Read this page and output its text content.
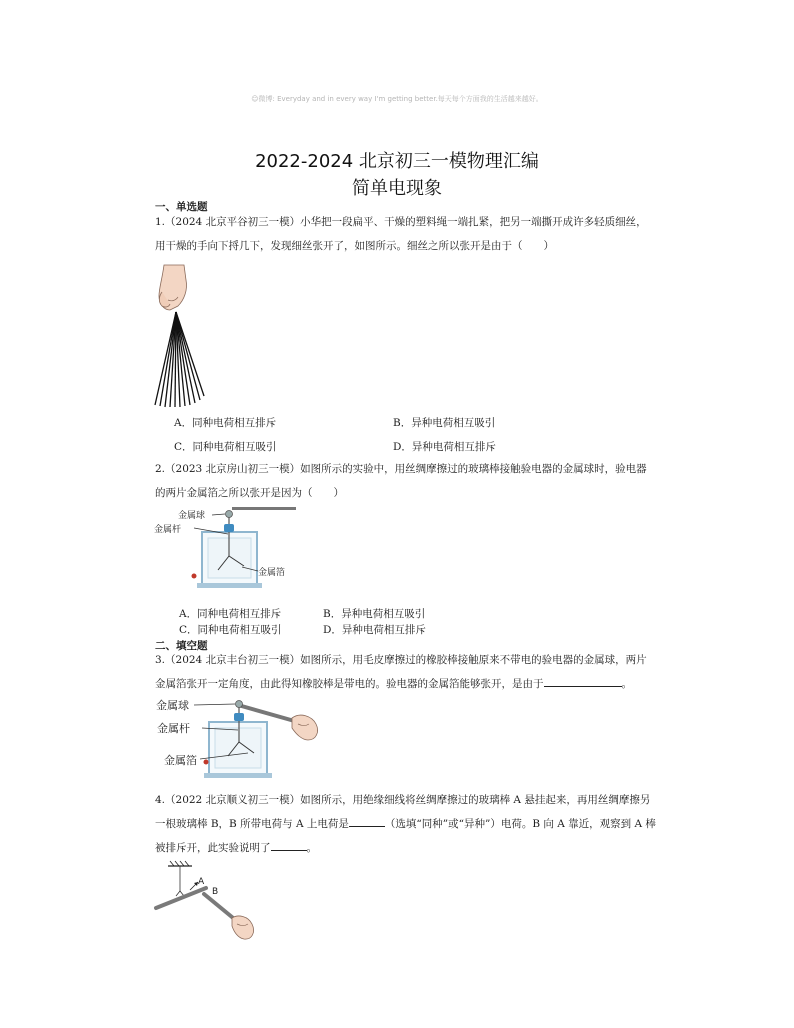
☺微博: Everyday and in every way I'm getting better.每天每个方面我的生活越来越好。
2022-2024 北京初三一模物理汇编
简单电现象
一、单选题
1.（2024 北京平谷初三一模）小华把一段扁平、干燥的塑料绳一端扎紧，把另一端撕开成许多轻质细丝，
用干燥的手向下捋几下，发现细丝张开了，如图所示。细丝之所以张开是由于（　　）
A．同种电荷相互排斥	B．异种电荷相互吸引
C．同种电荷相互吸引	D．异种电荷相互排斥
2.（2023 北京房山初三一模）如图所示的实验中，用丝绸摩擦过的玻璃棒接触验电器的金属球时，验电器
的两片金属箔之所以张开是因为（　　）
金属球
金属杆
金属箔
A．同种电荷相互排斥	B．异种电荷相互吸引
C．同种电荷相互吸引	D．异种电荷相互排斥
二、填空题
3.（2024 北京丰台初三一模）如图所示，用毛皮摩擦过的橡胶棒接触原来不带电的验电器的金属球，两片
金属箔张开一定角度，由此得知橡胶棒是带电的。验电器的金属箔能够张开，是由于	。
金属球
金属杆
金属箔
4.（2022 北京顺义初三一模）如图所示，用绝缘细线将丝绸摩擦过的玻璃棒 A 悬挂起来，再用丝绸摩擦另
一根玻璃棒 B，B 所带电荷与 A 上电荷是	（选填“同种”或“异种”）电荷。B 向 A 靠近，观察到 A 棒
被排斥开，此实验说明了	。
A
B
